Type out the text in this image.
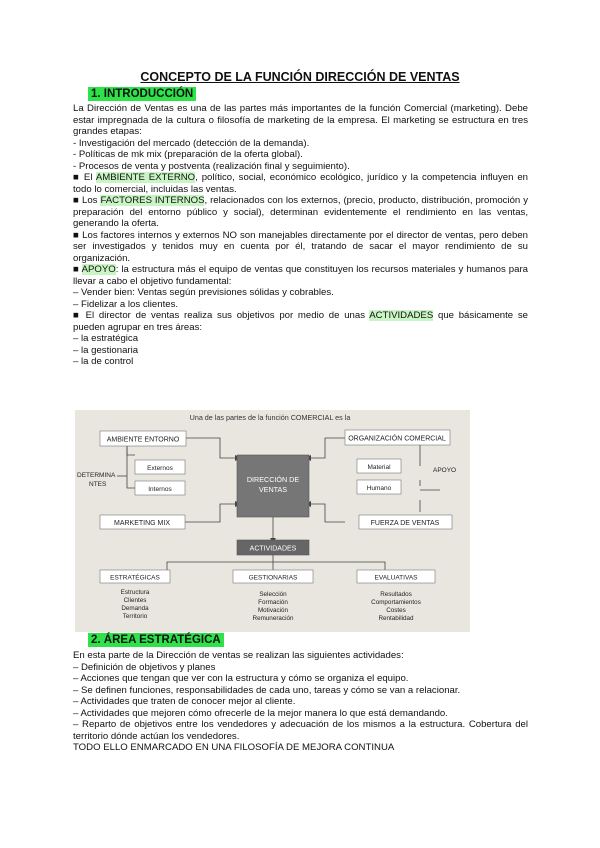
CONCEPTO DE LA FUNCIÓN DIRECCIÓN DE VENTAS
1. INTRODUCCIÓN

La Dirección de Ventas es una de las partes más importantes de la función Comercial (marketing). Debe estar impregnada de la cultura o filosofía de marketing de la empresa. El marketing se estructura en tres grandes etapas:

- Investigación del mercado (detección de la demanda).

- Políticas de mk mix (preparación de la oferta global).

- Procesos de venta y postventa (realización final y seguimiento).

■ El AMBIENTE EXTERNO, político, social, económico ecológico, jurídico y la competencia influyen en todo lo comercial, incluidas las ventas.

■ Los FACTORES INTERNOS, relacionados con los externos, (precio, producto, distribución, promoción y preparación del entorno público y social), determinan evidentemente el rendimiento en las ventas, generando la oferta.

■ Los factores internos y externos NO son manejables directamente por el director de ventas, pero deben ser investigados y tenidos muy en cuenta por él, tratando de sacar el mayor rendimiento de su organización.

■ APOYO: la estructura más el equipo de ventas que constituyen los recursos materiales y humanos para llevar a cabo el objetivo fundamental:

– Vender bien: Ventas según previsiones sólidas y cobrables.

– Fidelizar a los clientes.

■ El director de ventas realiza sus objetivos por medio de unas ACTIVIDADES que básicamente se pueden agrupar en tres áreas:

– la estratégica

– la gestionaria

– la de control

Una de las partes de la función COMERCIAL es la
AMBIENTE ENTORNO
Externos
Internos
DETERMINA
NTES
MARKETING MIX
DIRECCIÓN DE
VENTAS
ORGANIZACIÓN COMERCIAL
Material
Humano
APOYO
FUERZA DE VENTAS
ACTIVIDADES
ESTRATÉGICAS
Estructura
Clientes
Demanda
Territorio
GESTIONARIAS
Selección
Formación
Motivación
Remuneración
EVALUATIVAS
Resultados
Comportamientos
Costes
Rentabilidad
2. ÁREA ESTRATÉGICA

En esta parte de la Dirección de ventas se realizan las siguientes actividades:

– Definición de objetivos y planes

– Acciones que tengan que ver con la estructura y cómo se organiza el equipo.

– Se definen funciones, responsabilidades de cada uno, tareas y cómo se van a relacionar.

– Actividades que traten de conocer mejor al cliente.

– Actividades que mejoren cómo ofrecerle de la mejor manera lo que está demandando.

– Reparto de objetivos entre los vendedores y adecuación de los mismos a la estructura. Cobertura del territorio dónde actúan los vendedores.

TODO ELLO ENMARCADO EN UNA FILOSOFÍA DE MEJORA CONTINUA
